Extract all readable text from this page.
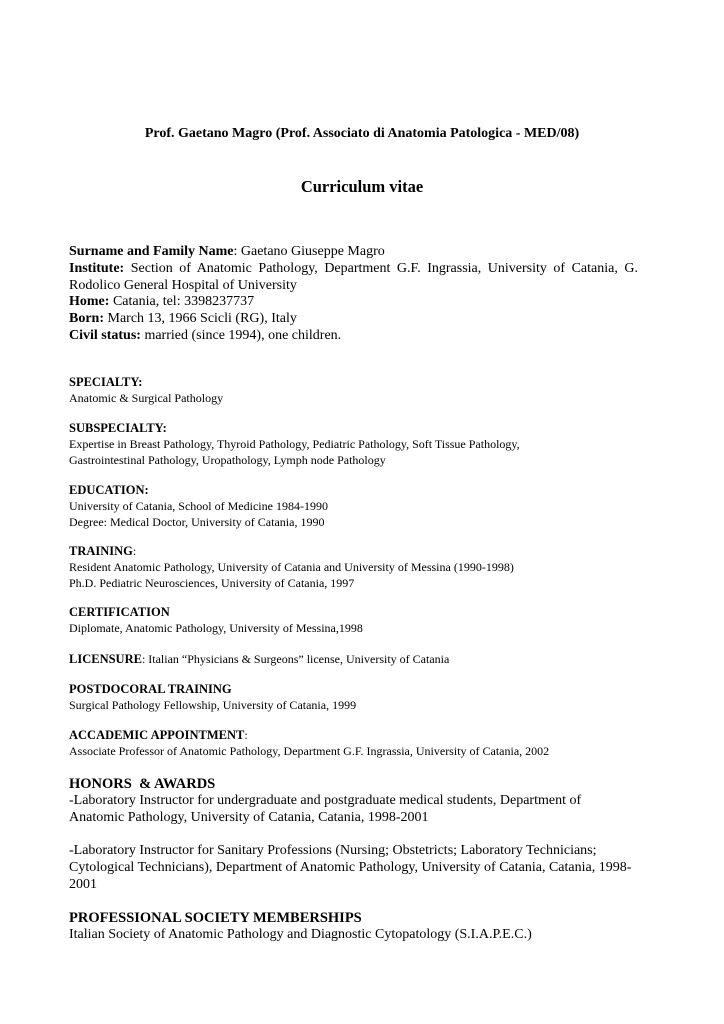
Prof. Gaetano Magro (Prof. Associato di Anatomia Patologica - MED/08)
Curriculum vitae

Surname and Family Name: Gaetano Giuseppe Magro

Institute: Section of Anatomic Pathology, Department G.F. Ingrassia, University of Catania, G. Rodolico General Hospital of University

Home: Catania, tel: 3398237737

Born: March 13, 1966 Scicli (RG), Italy

Civil status: married (since 1994), one children.

SPECIALTY:
Anatomic & Surgical Pathology
SUBSPECIALTY:
Expertise in Breast Pathology, Thyroid Pathology, Pediatric Pathology, Soft Tissue Pathology,
Gastrointestinal Pathology, Uropathology, Lymph node Pathology
EDUCATION:
University of Catania, School of Medicine 1984-1990
Degree: Medical Doctor, University of Catania, 1990
TRAINING:
Resident Anatomic Pathology, University of Catania and University of Messina (1990-1998)
Ph.D. Pediatric Neurosciences, University of Catania, 1997
CERTIFICATION
Diplomate, Anatomic Pathology, University of Messina,1998
LICENSURE: Italian “Physicians & Surgeons” license, University of Catania
POSTDOCORAL TRAINING
Surgical Pathology Fellowship, University of Catania, 1999
ACCADEMIC APPOINTMENT:
Associate Professor of Anatomic Pathology, Department G.F. Ingrassia, University of Catania, 2002

HONORS  & AWARDS

-Laboratory Instructor for undergraduate and postgraduate medical students, Department of Anatomic Pathology, University of Catania, Catania, 1998-2001

-Laboratory Instructor for Sanitary Professions (Nursing; Obstetricts; Laboratory Technicians; Cytological Technicians), Department of Anatomic Pathology, University of Catania, Catania, 1998-2001

PROFESSIONAL SOCIETY MEMBERSHIPS

Italian Society of Anatomic Pathology and Diagnostic Cytopatology (S.I.A.P.E.C.)
